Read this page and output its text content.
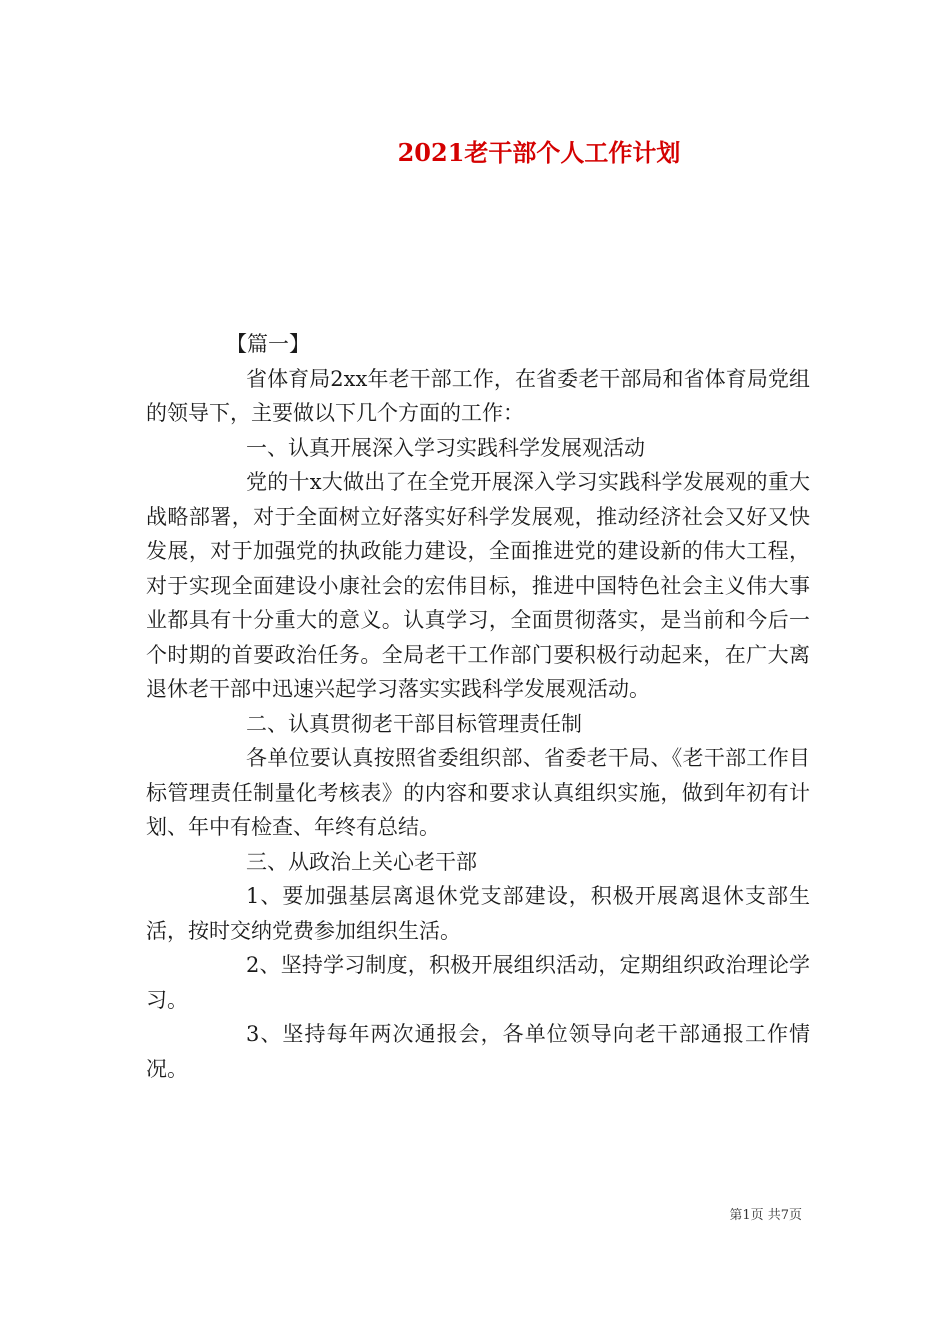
2021老干部个人工作计划

【篇一】

省体育局2xx年老干部工作，在省委老干部局和省体育局党组的领导下，主要做以下几个方面的工作：

一、认真开展深入学习实践科学发展观活动

党的十x大做出了在全党开展深入学习实践科学发展观的重大战略部署，对于全面树立好落实好科学发展观，推动经济社会又好又快发展，对于加强党的执政能力建设，全面推进党的建设新的伟大工程，对于实现全面建设小康社会的宏伟目标，推进中国特色社会主义伟大事业都具有十分重大的意义。认真学习，全面贯彻落实，是当前和今后一个时期的首要政治任务。全局老干工作部门要积极行动起来，在广大离退休老干部中迅速兴起学习落实实践科学发展观活动。

二、认真贯彻老干部目标管理责任制

各单位要认真按照省委组织部、省委老干局、《老干部工作目标管理责任制量化考核表》的内容和要求认真组织实施，做到年初有计划、年中有检查、年终有总结。

三、从政治上关心老干部

1、要加强基层离退休党支部建设，积极开展离退休支部生活，按时交纳党费参加组织生活。

2、坚持学习制度，积极开展组织活动，定期组织政治理论学习。

3、坚持每年两次通报会，各单位领导向老干部通报工作情况。

第1页 共7页
